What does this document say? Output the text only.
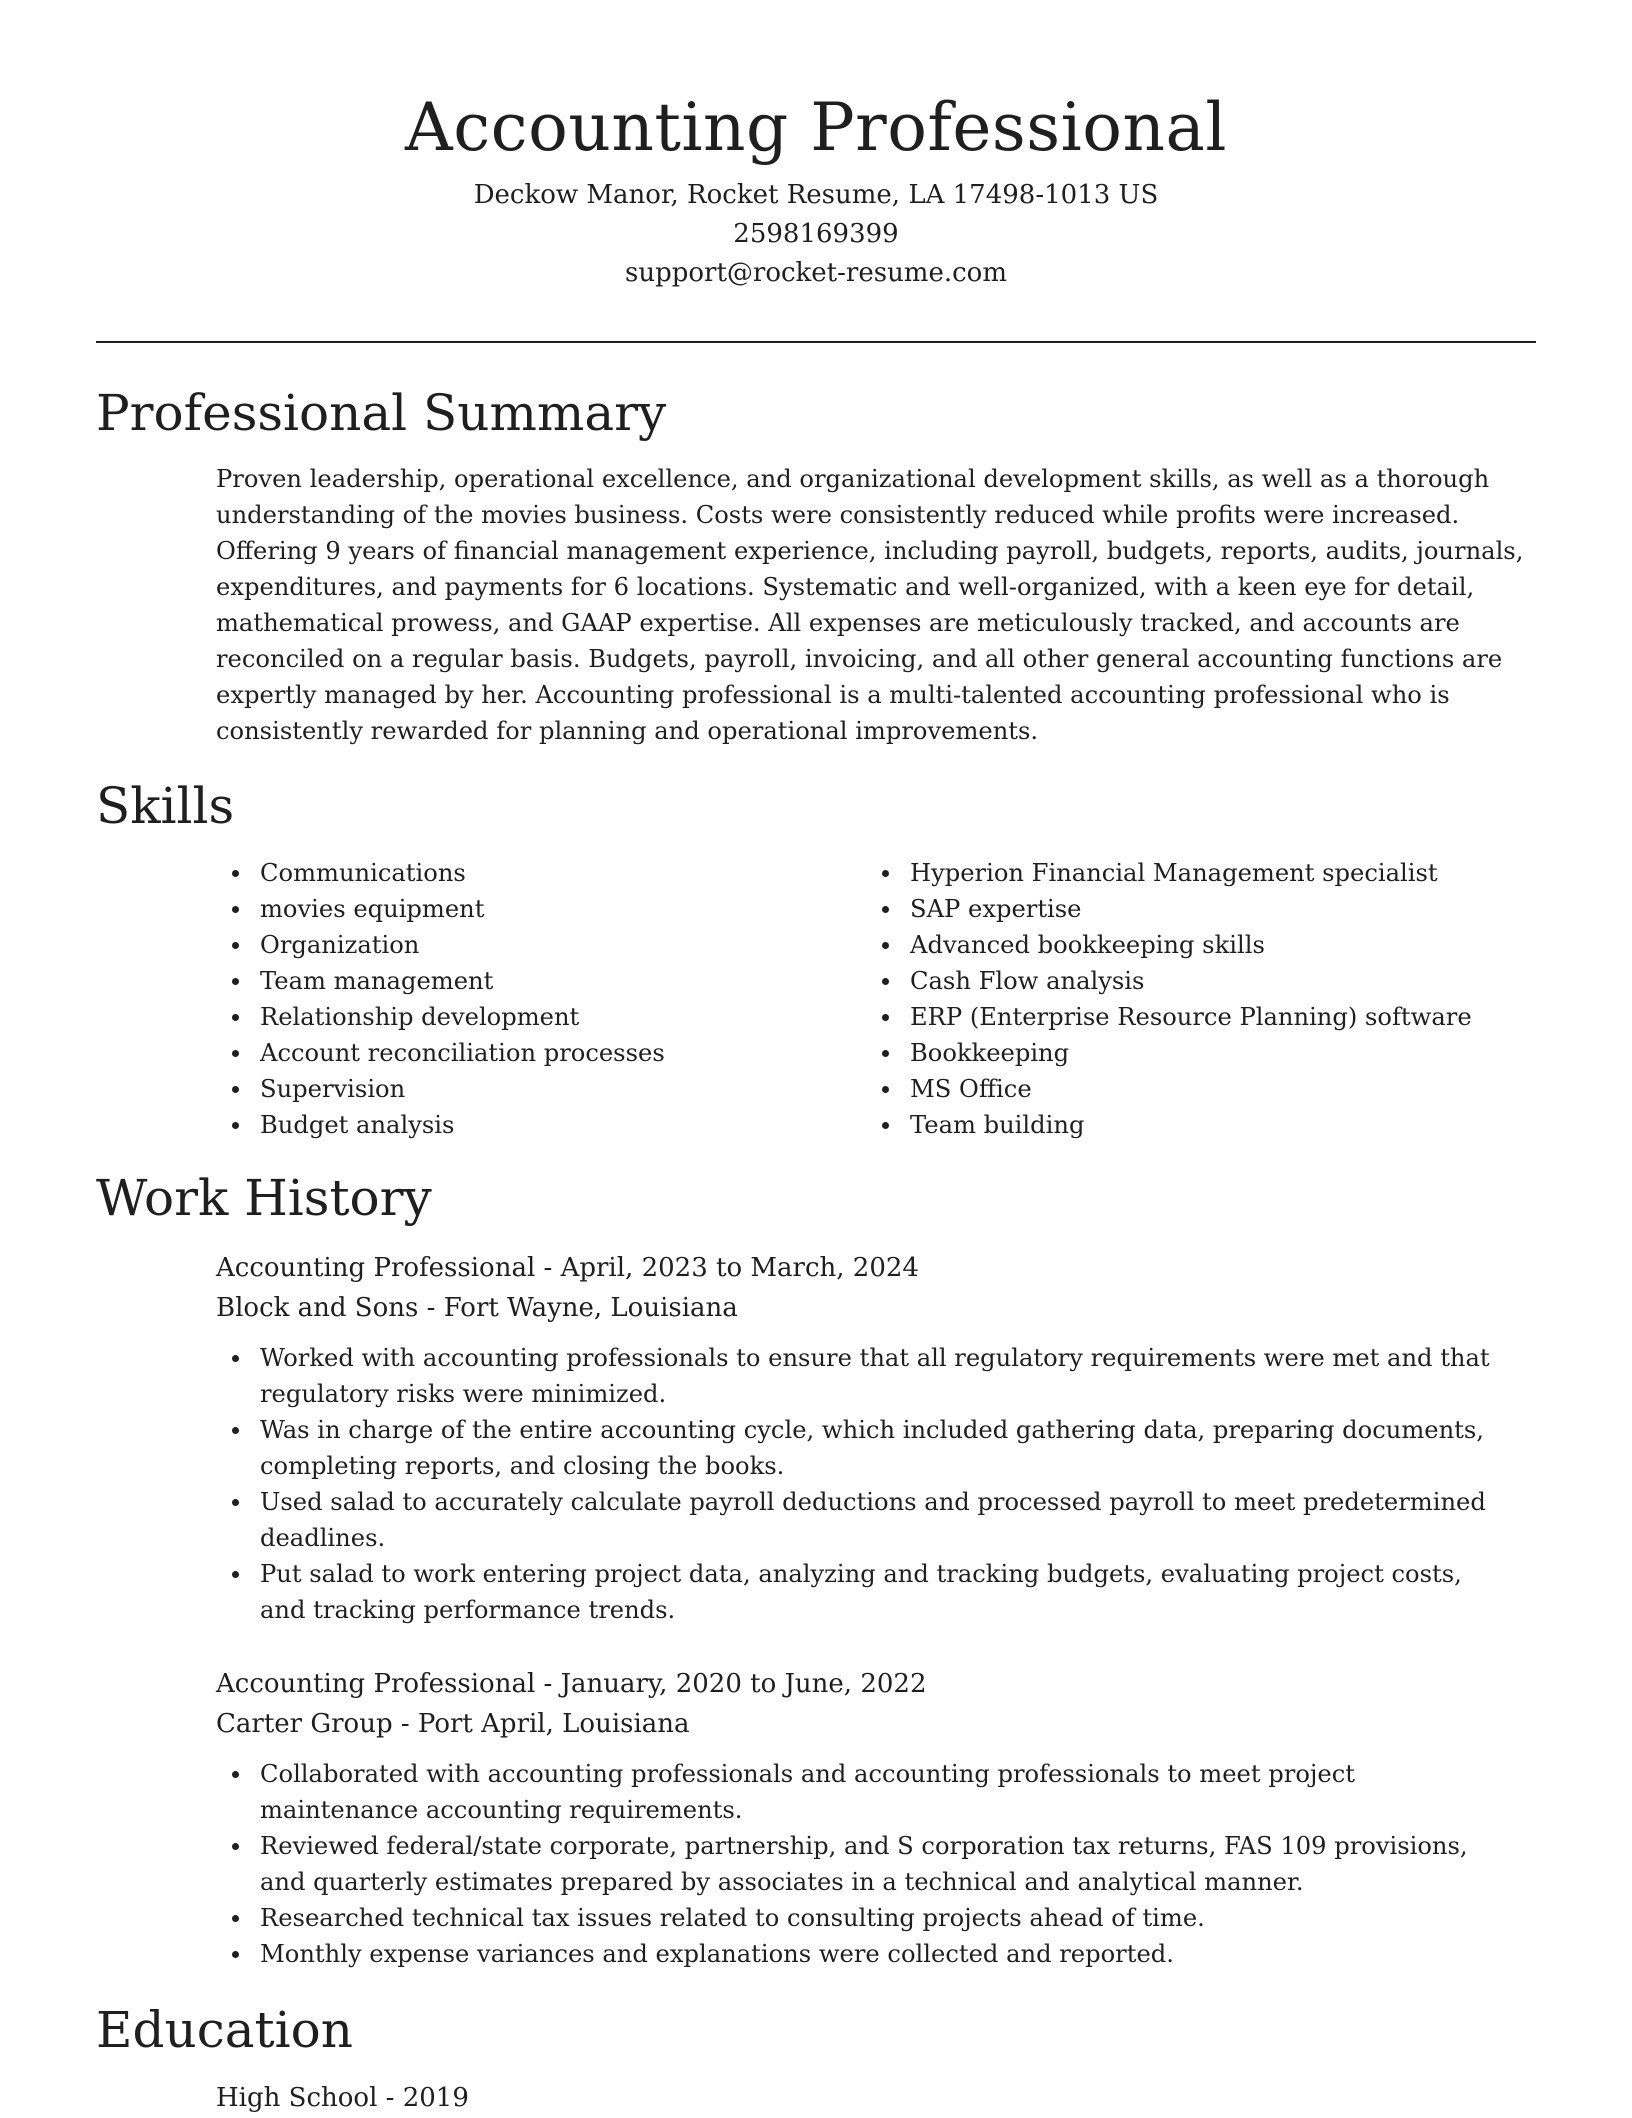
Accounting Professional
Deckow Manor, Rocket Resume, LA 17498-1013 US
2598169399
support@rocket-resume.com
Professional Summary
Proven leadership, operational excellence, and organizational development skills, as well as a thorough understanding of the movies business. Costs were consistently reduced while profits were increased. Offering 9 years of financial management experience, including payroll, budgets, reports, audits, journals, expenditures, and payments for 6 locations. Systematic and well-organized, with a keen eye for detail, mathematical prowess, and GAAP expertise. All expenses are meticulously tracked, and accounts are reconciled on a regular basis. Budgets, payroll, invoicing, and all other general accounting functions are expertly managed by her. Accounting professional is a multi-talented accounting professional who is consistently rewarded for planning and operational improvements.
Skills
Communications
movies equipment
Organization
Team management
Relationship development
Account reconciliation processes
Supervision
Budget analysis
Hyperion Financial Management specialist
SAP expertise
Advanced bookkeeping skills
Cash Flow analysis
ERP (Enterprise Resource Planning) software
Bookkeeping
MS Office
Team building
Work History
Accounting Professional - April, 2023 to March, 2024
Block and Sons - Fort Wayne, Louisiana
Worked with accounting professionals to ensure that all regulatory requirements were met and that regulatory risks were minimized.
Was in charge of the entire accounting cycle, which included gathering data, preparing documents, completing reports, and closing the books.
Used salad to accurately calculate payroll deductions and processed payroll to meet predetermined deadlines.
Put salad to work entering project data, analyzing and tracking budgets, evaluating project costs, and tracking performance trends.
Accounting Professional - January, 2020 to June, 2022
Carter Group - Port April, Louisiana
Collaborated with accounting professionals and accounting professionals to meet project maintenance accounting requirements.
Reviewed federal/state corporate, partnership, and S corporation tax returns, FAS 109 provisions, and quarterly estimates prepared by associates in a technical and analytical manner.
Researched technical tax issues related to consulting projects ahead of time.
Monthly expense variances and explanations were collected and reported.
Education
High School - 2019
